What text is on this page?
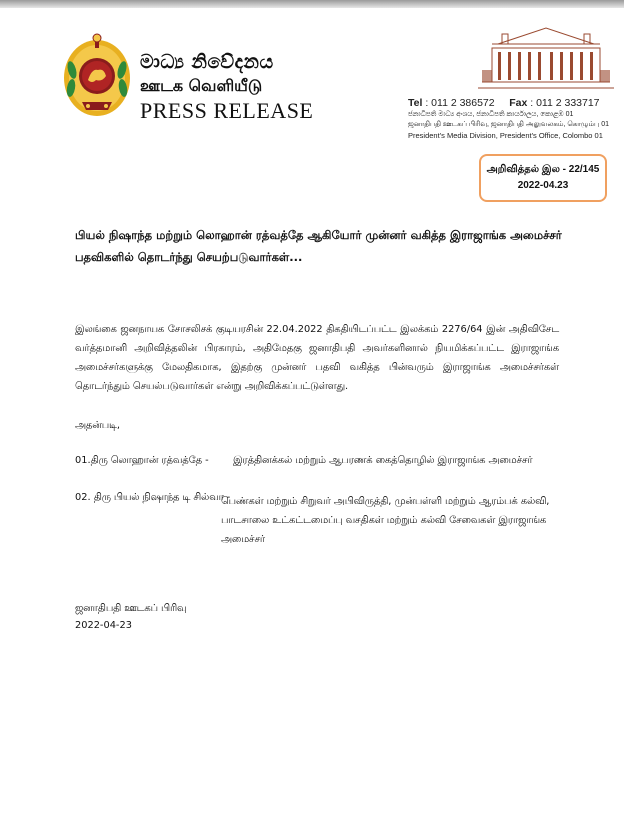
මාධ්‍ය නිවේදනය
ஊடக வெளியீடு
PRESS RELEASE	Tel : 011 2 386572 Fax : 011 2 333717
ජනාධිපති මාධ්‍ය අංශය, ජනාධිපති කාර්යාලය, කොළඹ 01
ஜனாதிபதி ஊடகப் பிரிவு, ஜனாதிபதி அலுவலகம், கொழும்பு 01
President's Media Division, President's Office, Colombo 01
அறிவித்தல் இல - 22/145
2022-04.23
பியல் நிஷாந்த மற்றும் லொஹான் ரத்வத்தே ஆகியோர் முன்னர் வகித்த இராஜாங்க அமைச்சர் பதவிகளில் தொடர்ந்து செயற்படுவார்கள்...
இலங்கை ஜனநாயக சோசலிசக் குடியரசின் 22.04.2022 திகதியிடப்பட்ட இலக்கம் 2276/64 இன் அதிவிசேட வர்த்தமானி அறிவித்தலின் பிரகாரம், அதிமேதகு ஜனாதிபதி அவர்களினால் நியமிக்கப்பட்ட இராஜாங்க அமைச்சர்களுக்கு மேலதிகமாக, இதற்கு முன்னர் பதவி வகித்த பின்வரும் இராஜாங்க அமைச்சர்கள் தொடர்ந்தும் செயல்படுவார்கள் என்று அறிவிக்கப்பட்டுள்ளது.
அதன்படி,
01.திரு லொஹான் ரத்வத்தே - இரத்தினக்கல் மற்றும் ஆபரணக் கைத்தொழில் இராஜாங்க அமைச்சர்
02. திரு பியல் நிஷாந்த டி சில்வா -
பெண்கள் மற்றும் சிறுவர் அபிவிருத்தி, முன்பள்ளி மற்றும் ஆரம்பக் கல்வி, பாடசாலை உட்கட்டமைப்பு வசதிகள் மற்றும் கல்வி சேவைகள் இராஜாங்க அமைச்சர்
ஜனாதிபதி ஊடகப் பிரிவு
2022-04-23
